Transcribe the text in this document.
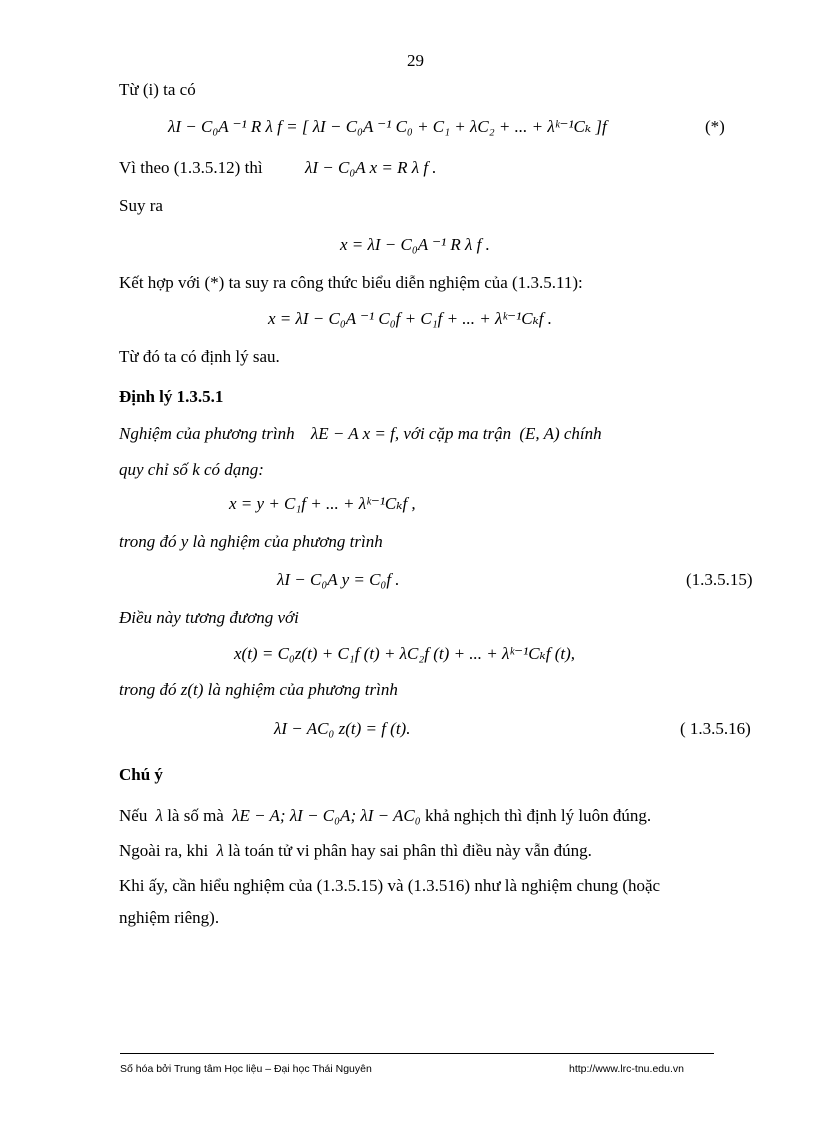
29
Từ (i) ta có
λI − C₀A ⁻¹ R λ f = [ λI − C₀A ⁻¹ C₀ + C₁ + λC₂ + ... + λᵏ⁻¹Cₖ ]f	(*)
Vì theo (1.3.5.12) thì λI − C₀A x = R λ f .
Suy ra
x = λI − C₀A ⁻¹ R λ f .
Kết hợp với (*) ta suy ra công thức biểu diễn nghiệm của (1.3.5.11):
x = λI − C₀A ⁻¹ C₀f + C₁f + ... + λᵏ⁻¹Cₖf .
Từ đó ta có định lý sau.
Định lý 1.3.5.1
Nghiệm của phương trình λE − A x = f, với cặp ma trận (E, A) chính
quy chỉ số k có dạng:
x = y + C₁f + ... + λᵏ⁻¹Cₖf ,
trong đó y là nghiệm của phương trình
λI − C₀A y = C₀f .	(1.3.5.15)
Điều này tương đương với
x(t) = C₀z(t) + C₁f (t) + λC₂f (t) + ... + λᵏ⁻¹Cₖf (t),
trong đó z(t) là nghiệm của phương trình
λI − AC₀ z(t) = f (t).	( 1.3.5.16)
Chú ý
Nếu λ là số mà λE − A; λI − C₀A; λI − AC₀ khả nghịch thì định lý luôn đúng.
Ngoài ra, khi λ là toán tử vi phân hay sai phân thì điều này vẫn đúng.
Khi ấy, cần hiểu nghiệm của (1.3.5.15) và (1.3.516) như là nghiệm chung (hoặc
nghiệm riêng).
Số hóa bởi Trung tâm Học liệu – Đại học Thái Nguyên	http://www.lrc-tnu.edu.vn
